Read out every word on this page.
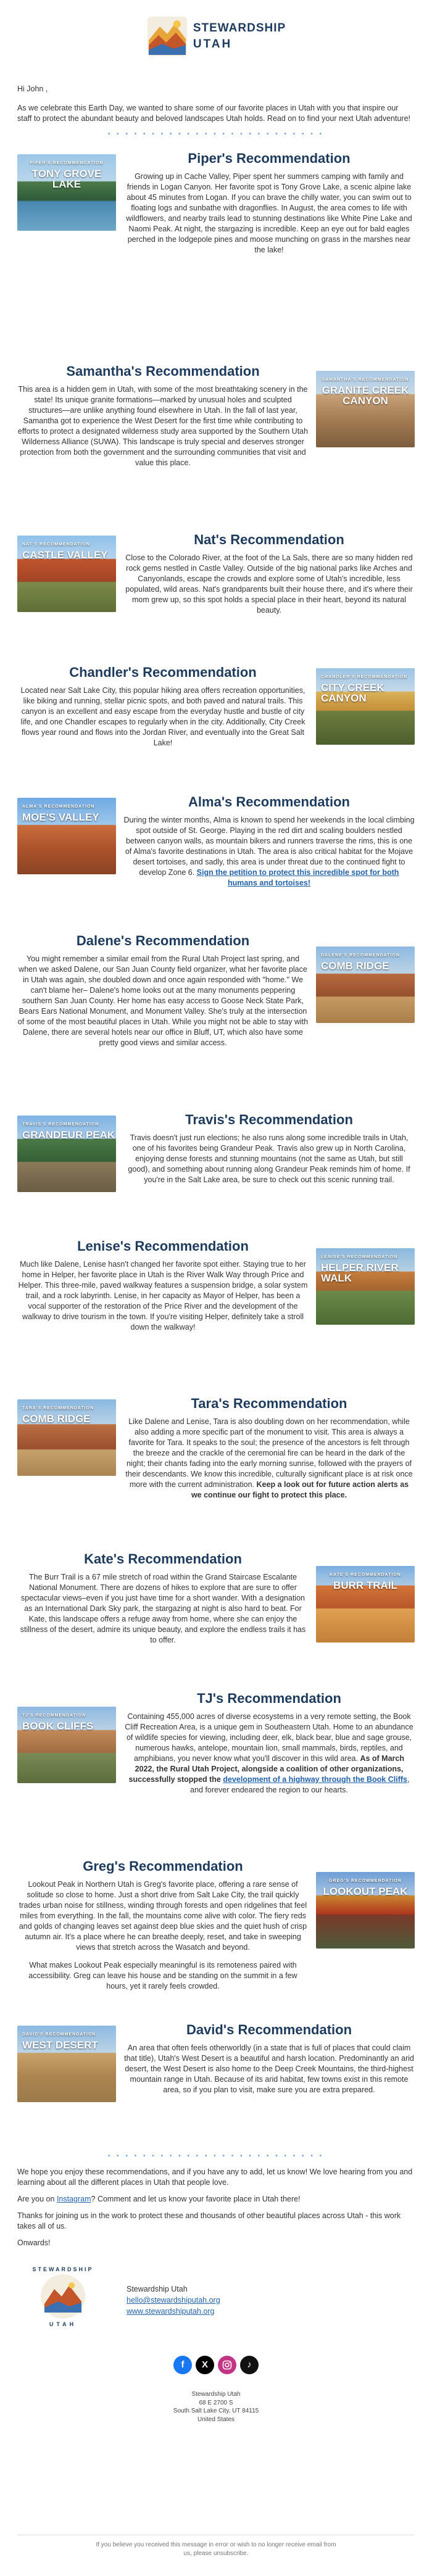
STEWARDSHIP
UTAH

Hi John ,

As we celebrate this Earth Day, we wanted to share some of our favorite places in Utah with you that inspire our staff to protect the abundant beauty and beloved landscapes Utah holds. Read on to find your next Utah adventure!

• • • • • • • • • • • • • • • • • • • • • • • • •
PIPER'S RECOMMENDATION
TONY GROVE LAKE
Piper's Recommendation

Growing up in Cache Valley, Piper spent her summers camping with family and friends in Logan Canyon. Her favorite spot is Tony Grove Lake, a scenic alpine lake about 45 minutes from Logan. If you can brave the chilly water, you can swim out to floating logs and sunbathe with dragonflies. In August, the area comes to life with wildflowers, and nearby trails lead to stunning destinations like White Pine Lake and Naomi Peak. At night, the stargazing is incredible. Keep an eye out for bald eagles perched in the lodgepole pines and moose munching on grass in the marshes near the lake!

SAMANTHA'S RECOMMENDATION
GRANITE CREEK CANYON
Samantha's Recommendation

This area is a hidden gem in Utah, with some of the most breathtaking scenery in the state! Its unique granite formations—marked by unusual holes and sculpted structures—are unlike anything found elsewhere in Utah. In the fall of last year, Samantha got to experience the West Desert for the first time while contributing to efforts to protect a designated wilderness study area supported by the Southern Utah Wilderness Alliance (SUWA). This landscape is truly special and deserves stronger protection from both the government and the surrounding communities that visit and value this place.

NAT'S RECOMMENDATION
CASTLE VALLEY
Nat's Recommendation

Close to the Colorado River, at the foot of the La Sals, there are so many hidden red rock gems nestled in Castle Valley. Outside of the big national parks like Arches and Canyonlands, escape the crowds and explore some of Utah's incredible, less populated, wild areas. Nat's grandparents built their house there, and it's where their mom grew up, so this spot holds a special place in their heart, beyond its natural beauty.

CHANDLER'S RECOMMENDATION
CITY CREEK CANYON
Chandler's Recommendation

Located near Salt Lake City, this popular hiking area offers recreation opportunities, like biking and running, stellar picnic spots, and both paved and natural trails. This canyon is an excellent and easy escape from the everyday hustle and bustle of city life, and one Chandler escapes to regularly when in the city. Additionally, City Creek flows year round and flows into the Jordan River, and eventually into the Great Salt Lake!

ALMA'S RECOMMENDATION
MOE'S VALLEY
Alma's Recommendation

During the winter months, Alma is known to spend her weekends in the local climbing spot outside of St. George. Playing in the red dirt and scaling boulders nestled between canyon walls, as mountain bikers and runners traverse the rims, this is one of Alma's favorite destinations in Utah. The area is also critical habitat for the Mojave desert tortoises, and sadly, this area is under threat due to the continued fight to develop Zone 6. Sign the petition to protect this incredible spot for both humans and tortoises!

DALENE'S RECOMMENDATION
COMB RIDGE
Dalene's Recommendation

You might remember a similar email from the Rural Utah Project last spring, and when we asked Dalene, our San Juan County field organizer, what her favorite place in Utah was again, she doubled down and once again responded with "home." We can't blame her– Dalene's home looks out at the many monuments peppering southern San Juan County. Her home has easy access to Goose Neck State Park, Bears Ears National Monument, and Monument Valley. She's truly at the intersection of some of the most beautiful places in Utah. While you might not be able to stay with Dalene, there are several hotels near our office in Bluff, UT, which also have some pretty good views and similar access.

TRAVIS'S RECOMMENDATION
GRANDEUR PEAK
Travis's Recommendation

Travis doesn't just run elections; he also runs along some incredible trails in Utah, one of his favorites being Grandeur Peak. Travis also grew up in North Carolina, enjoying dense forests and stunning mountains (not the same as Utah, but still good), and something about running along Grandeur Peak reminds him of home. If you're in the Salt Lake area, be sure to check out this scenic running trail.

LENISE'S RECOMMENDATION
HELPER RIVER WALK
Lenise's Recommendation

Much like Dalene, Lenise hasn't changed her favorite spot either. Staying true to her home in Helper, her favorite place in Utah is the River Walk Way through Price and Helper. This three-mile, paved walkway features a suspension bridge, a solar system trail, and a rock labyrinth. Lenise, in her capacity as Mayor of Helper, has been a vocal supporter of the restoration of the Price River and the development of the walkway to drive tourism in the town. If you're visiting Helper, definitely take a stroll down the walkway!

TARA'S RECOMMENDATION
COMB RIDGE
Tara's Recommendation

Like Dalene and Lenise, Tara is also doubling down on her recommendation, while also adding a more specific part of the monument to visit. This area is always a favorite for Tara. It speaks to the soul; the presence of the ancestors is felt through the breeze and the crackle of the ceremonial fire can be heard in the dark of the night; their chants fading into the early morning sunrise, followed with the prayers of their descendants. We know this incredible, culturally significant place is at risk once more with the current administration. Keep a look out for future action alerts as we continue our fight to protect this place.

KATE'S RECOMMENDATION
BURR TRAIL
Kate's Recommendation

The Burr Trail is a 67 mile stretch of road within the Grand Staircase Escalante National Monument. There are dozens of hikes to explore that are sure to offer spectacular views–even if you just have time for a short wander. With a designation as an International Dark Sky park, the stargazing at night is also hard to beat. For Kate, this landscape offers a refuge away from home, where she can enjoy the stillness of the desert, admire its unique beauty, and explore the endless trails it has to offer.

TJ'S RECOMMENDATION
BOOK CLIFFS
TJ's Recommendation

Containing 455,000 acres of diverse ecosystems in a very remote setting, the Book Cliff Recreation Area, is a unique gem in Southeastern Utah. Home to an abundance of wildlife species for viewing, including deer, elk, black bear, blue and sage grouse, numerous hawks, antelope, mountain lion, small mammals, birds, reptiles, and amphibians, you never know what you'll discover in this wild area. As of March 2022, the Rural Utah Project, alongside a coalition of other organizations, successfully stopped the development of a highway through the Book Cliffs, and forever endeared the region to our hearts.

GREG'S RECOMMENDATION
LOOKOUT PEAK
Greg's Recommendation

Lookout Peak in Northern Utah is Greg's favorite place, offering a rare sense of solitude so close to home. Just a short drive from Salt Lake City, the trail quickly trades urban noise for stillness, winding through forests and open ridgelines that feel miles from everything. In the fall, the mountains come alive with color. The fiery reds and golds of changing leaves set against deep blue skies and the quiet hush of crisp autumn air. It's a place where he can breathe deeply, reset, and take in sweeping views that stretch across the Wasatch and beyond.

What makes Lookout Peak especially meaningful is its remoteness paired with accessibility. Greg can leave his house and be standing on the summit in a few hours, yet it rarely feels crowded.

DAVID'S RECOMMENDATION
WEST DESERT
David's Recommendation

An area that often feels otherworldly (in a state that is full of places that could claim that title), Utah's West Desert is a beautiful and harsh location. Predominantly an arid desert, the West Desert is also home to the Deep Creek Mountains, the third-highest mountain range in Utah. Because of its arid habitat, few towns exist in this remote area, so if you plan to visit, make sure you are extra prepared.

• • • • • • • • • • • • • • • • • • • • • • • • •

We hope you enjoy these recommendations, and if you have any to add, let us know! We love hearing from you and learning about all the different places in Utah that people love.

Are you on Instagram? Comment and let us know your favorite place in Utah there!

Thanks for joining us in the work to protect these and thousands of other beautiful places across Utah - this work takes all of us.

Onwards!

STEWARDSHIP
UTAH
Stewardship Utah
hello@stewardshiputah.org
www.stewardshiputah.org
f	X	♪
Stewardship Utah
68 E 2700 S
South Salt Lake City, UT 84115
United States
If you believe you received this message in error or wish to no longer receive email from us, please unsubscribe.
